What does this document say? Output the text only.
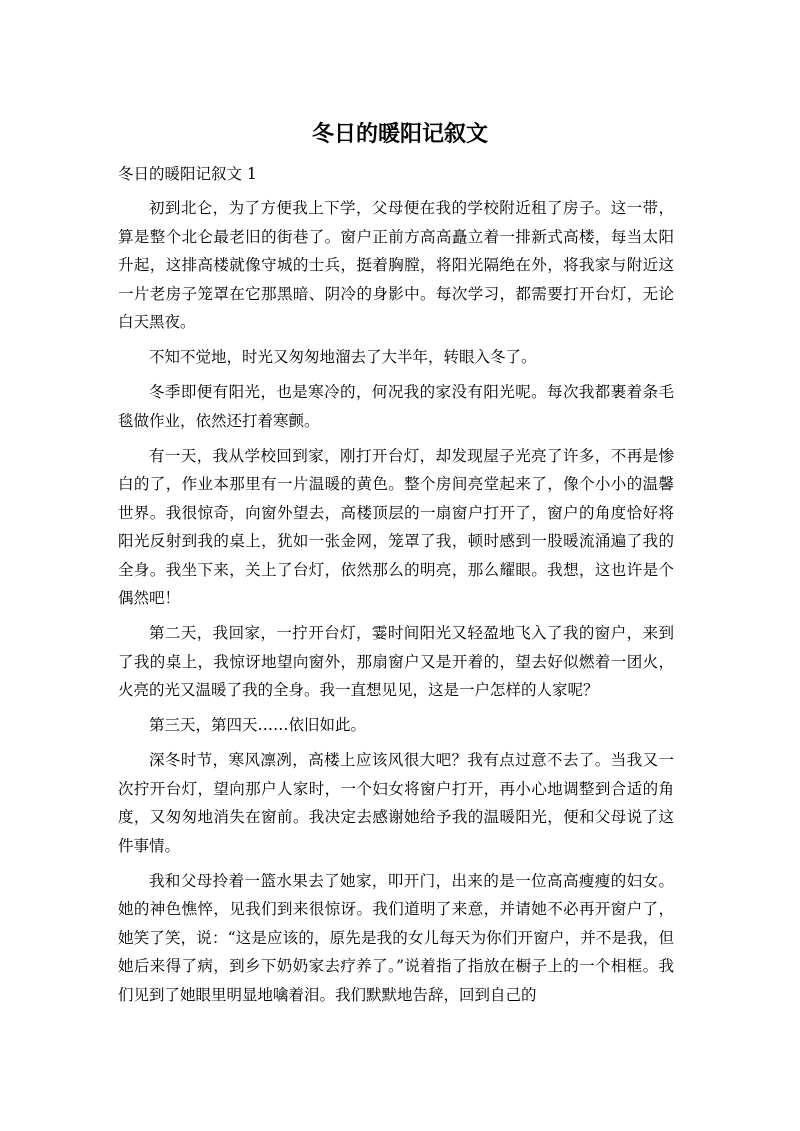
冬日的暖阳记叙文
冬日的暖阳记叙文 1

初到北仑，为了方便我上下学，父母便在我的学校附近租了房子。这一带，算是整个北仑最老旧的街巷了。窗户正前方高高矗立着一排新式高楼，每当太阳升起，这排高楼就像守城的士兵，挺着胸膛，将阳光隔绝在外，将我家与附近这一片老房子笼罩在它那黑暗、阴冷的身影中。每次学习，都需要打开台灯，无论白天黑夜。

不知不觉地，时光又匆匆地溜去了大半年，转眼入冬了。

冬季即便有阳光，也是寒冷的，何况我的家没有阳光呢。每次我都裹着条毛毯做作业，依然还打着寒颤。

有一天，我从学校回到家，刚打开台灯，却发现屋子光亮了许多，不再是惨白的了，作业本那里有一片温暖的黄色。整个房间亮堂起来了，像个小小的温馨世界。我很惊奇，向窗外望去，高楼顶层的一扇窗户打开了，窗户的角度恰好将阳光反射到我的桌上，犹如一张金网，笼罩了我，顿时感到一股暖流涌遍了我的全身。我坐下来，关上了台灯，依然那么的明亮，那么耀眼。我想，这也许是个偶然吧！

第二天，我回家，一拧开台灯，霎时间阳光又轻盈地飞入了我的窗户，来到了我的桌上，我惊讶地望向窗外，那扇窗户又是开着的，望去好似燃着一团火，火亮的光又温暖了我的全身。我一直想见见，这是一户怎样的人家呢？

第三天，第四天……依旧如此。

深冬时节，寒风凛冽，高楼上应该风很大吧？我有点过意不去了。当我又一次拧开台灯，望向那户人家时，一个妇女将窗户打开，再小心地调整到合适的角度，又匆匆地消失在窗前。我决定去感谢她给予我的温暖阳光，便和父母说了这件事情。

我和父母拎着一篮水果去了她家，叩开门，出来的是一位高高瘦瘦的妇女。她的神色憔悴，见我们到来很惊讶。我们道明了来意，并请她不必再开窗户了，她笑了笑，说：“这是应该的，原先是我的女儿每天为你们开窗户，并不是我，但她后来得了病，到乡下奶奶家去疗养了。”说着指了指放在橱子上的一个相框。我们见到了她眼里明显地噙着泪。我们默默地告辞，回到自己的
